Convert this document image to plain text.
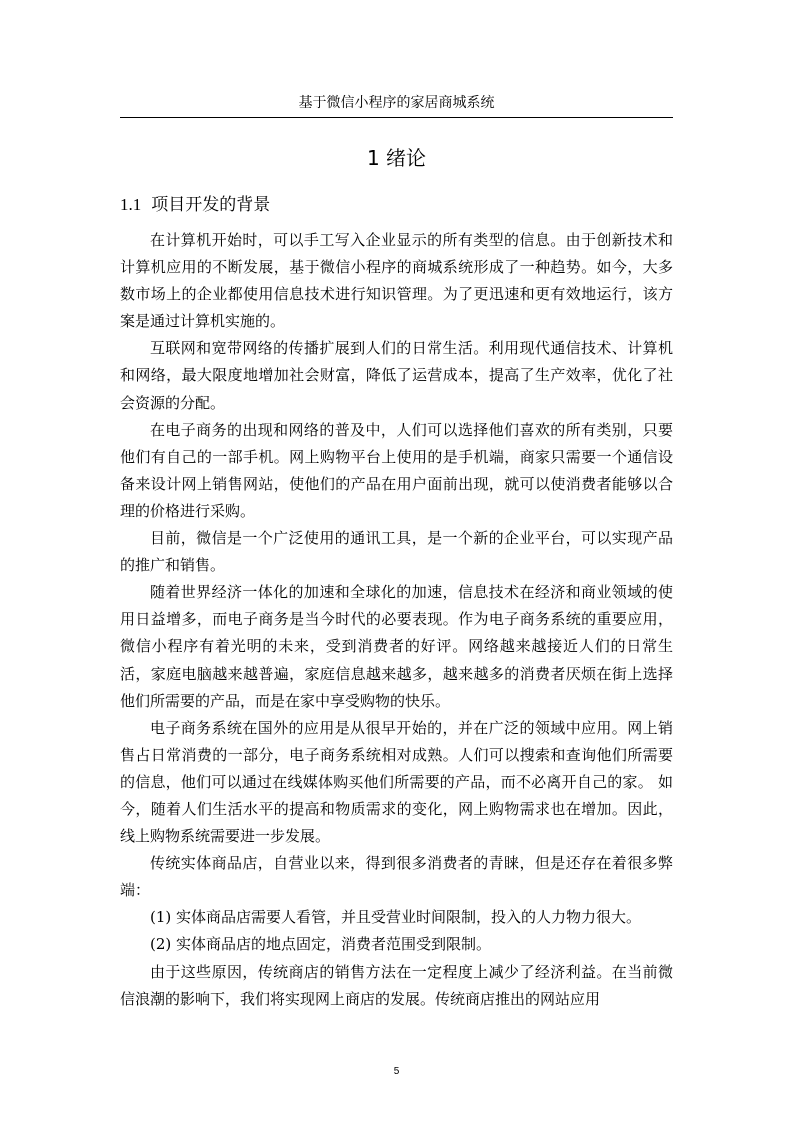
基于微信小程序的家居商城系统
1 绪论
1.1 项目开发的背景

在计算机开始时，可以手工写入企业显示的所有类型的信息。由于创新技术和计算机应用的不断发展，基于微信小程序的商城系统形成了一种趋势。如今，大多数市场上的企业都使用信息技术进行知识管理。为了更迅速和更有效地运行，该方案是通过计算机实施的。

互联网和宽带网络的传播扩展到人们的日常生活。利用现代通信技术、计算机和网络，最大限度地增加社会财富，降低了运营成本，提高了生产效率，优化了社会资源的分配。

在电子商务的出现和网络的普及中，人们可以选择他们喜欢的所有类别，只要他们有自己的一部手机。网上购物平台上使用的是手机端，商家只需要一个通信设备来设计网上销售网站，使他们的产品在用户面前出现，就可以使消费者能够以合理的价格进行采购。

目前，微信是一个广泛使用的通讯工具，是一个新的企业平台，可以实现产品的推广和销售。

随着世界经济一体化的加速和全球化的加速，信息技术在经济和商业领域的使用日益增多，而电子商务是当今时代的必要表现。作为电子商务系统的重要应用，微信小程序有着光明的未来，受到消费者的好评。网络越来越接近人们的日常生活，家庭电脑越来越普遍，家庭信息越来越多，越来越多的消费者厌烦在街上选择他们所需要的产品，而是在家中享受购物的快乐。

电子商务系统在国外的应用是从很早开始的，并在广泛的领域中应用。网上销售占日常消费的一部分，电子商务系统相对成熟。人们可以搜索和查询他们所需要的信息，他们可以通过在线媒体购买他们所需要的产品，而不必离开自己的家。 如今，随着人们生活水平的提高和物质需求的变化，网上购物需求也在增加。因此，线上购物系统需要进一步发展。

传统实体商品店，自营业以来，得到很多消费者的青睐，但是还存在着很多弊端：

(1) 实体商品店需要人看管，并且受营业时间限制，投入的人力物力很大。

(2) 实体商品店的地点固定，消费者范围受到限制。

由于这些原因，传统商店的销售方法在一定程度上减少了经济利益。在当前微信浪潮的影响下，我们将实现网上商店的发展。传统商店推出的网站应用

5
